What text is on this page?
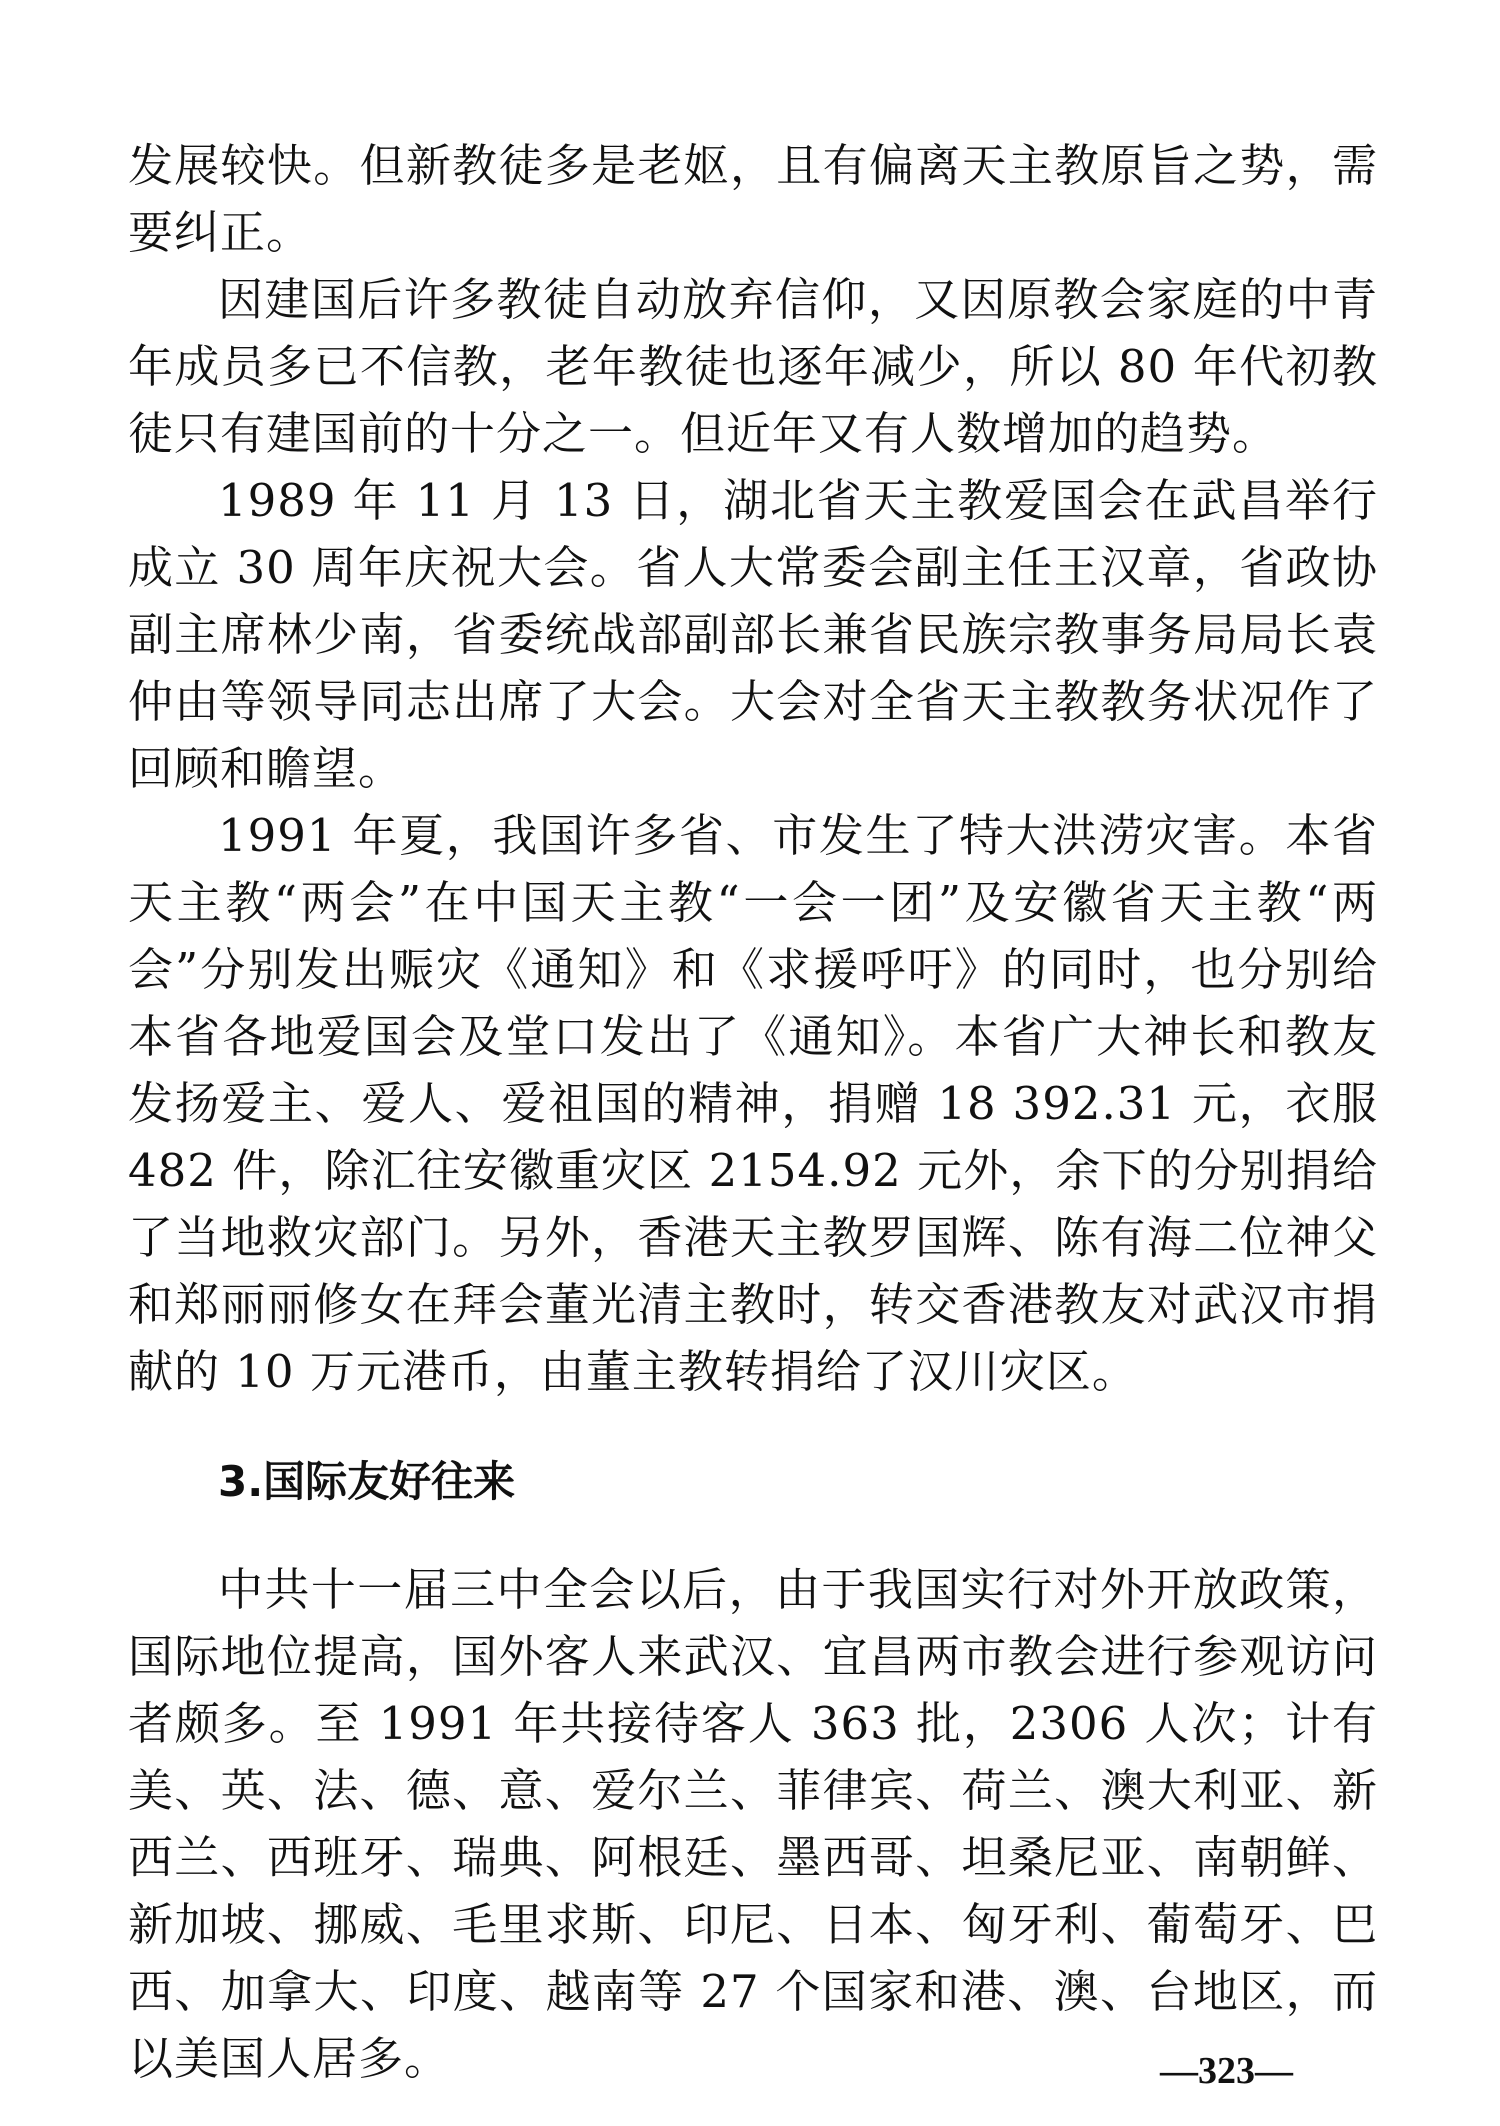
发展较快。但新教徒多是老妪，且有偏离天主教原旨之势，需要纠正。

因建国后许多教徒自动放弃信仰，又因原教会家庭的中青年成员多已不信教，老年教徒也逐年减少，所以 80 年代初教徒只有建国前的十分之一。但近年又有人数增加的趋势。

1989 年 11 月 13 日，湖北省天主教爱国会在武昌举行成立 30 周年庆祝大会。省人大常委会副主任王汉章，省政协副主席林少南，省委统战部副部长兼省民族宗教事务局局长袁仲由等领导同志出席了大会。大会对全省天主教教务状况作了回顾和瞻望。

1991 年夏，我国许多省、市发生了特大洪涝灾害。本省天主教“两会”在中国天主教“一会一团”及安徽省天主教“两会”分别发出赈灾《通知》和《求援呼吁》的同时，也分别给本省各地爱国会及堂口发出了《通知》。本省广大神长和教友发扬爱主、爱人、爱祖国的精神，捐赠 18 392.31 元，衣服 482 件，除汇往安徽重灾区 2154.92 元外，余下的分别捐给了当地救灾部门。另外，香港天主教罗国辉、陈有海二位神父和郑丽丽修女在拜会董光清主教时，转交香港教友对武汉市捐献的 10 万元港币，由董主教转捐给了汉川灾区。

3.国际友好往来

中共十一届三中全会以后，由于我国实行对外开放政策，国际地位提高，国外客人来武汉、宜昌两市教会进行参观访问者颇多。至 1991 年共接待客人 363 批，2306 人次；计有美、英、法、德、意、爱尔兰、菲律宾、荷兰、澳大利亚、新西兰、西班牙、瑞典、阿根廷、墨西哥、坦桑尼亚、南朝鲜、新加坡、挪威、毛里求斯、印尼、日本、匈牙利、葡萄牙、巴西、加拿大、印度、越南等 27 个国家和港、澳、台地区，而以美国人居多。	—323—
